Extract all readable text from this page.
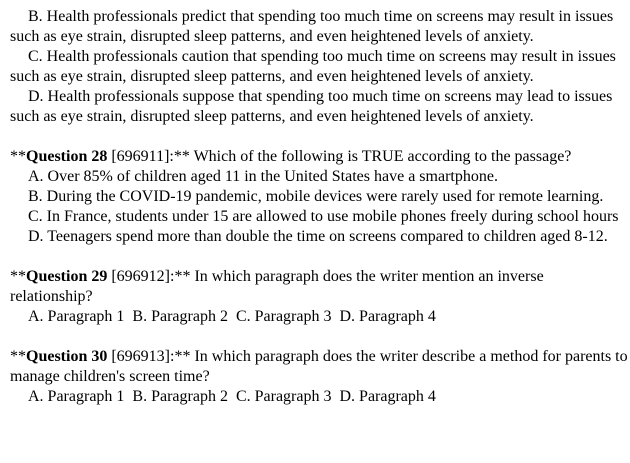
B. Health professionals predict that spending too much time on screens may result in issues such as eye strain, disrupted sleep patterns, and even heightened levels of anxiety.

C. Health professionals caution that spending too much time on screens may result in issues such as eye strain, disrupted sleep patterns, and even heightened levels of anxiety.

D. Health professionals suppose that spending too much time on screens may lead to issues such as eye strain, disrupted sleep patterns, and even heightened levels of anxiety.

**Question 28 [696911]:** Which of the following is TRUE according to the passage?

A. Over 85% of children aged 11 in the United States have a smartphone.

B. During the COVID-19 pandemic, mobile devices were rarely used for remote learning.

C. In France, students under 15 are allowed to use mobile phones freely during school hours

D. Teenagers spend more than double the time on screens compared to children aged 8-12.

**Question 29 [696912]:** In which paragraph does the writer mention an inverse relationship?

A. Paragraph 1 B. Paragraph 2 C. Paragraph 3 D. Paragraph 4

**Question 30 [696913]:** In which paragraph does the writer describe a method for parents to manage children's screen time?

A. Paragraph 1 B. Paragraph 2 C. Paragraph 3 D. Paragraph 4
